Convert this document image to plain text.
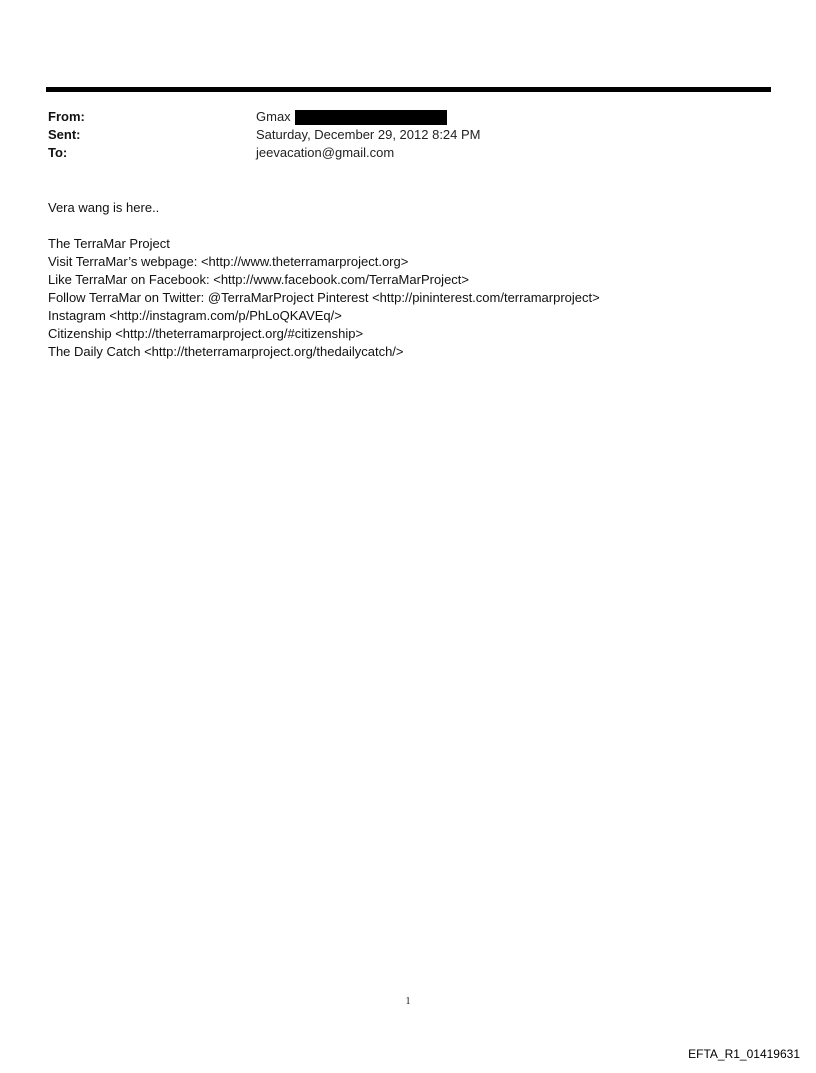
From:	Gmax
Sent:	Saturday, December 29, 2012 8:24 PM
To:	jeevacation@gmail.com

Vera wang is here..

The TerraMar Project

Visit TerraMar’s webpage: <http://www.theterramarproject.org>

Like TerraMar on Facebook: <http://www.facebook.com/TerraMarProject>

Follow TerraMar on Twitter: @TerraMarProject Pinterest <http://pininterest.com/terramarproject>

Instagram <http://instagram.com/p/PhLoQKAVEq/>

Citizenship <http://theterramarproject.org/#citizenship>

The Daily Catch <http://theterramarproject.org/thedailycatch/>

1
EFTA_R1_01419631
